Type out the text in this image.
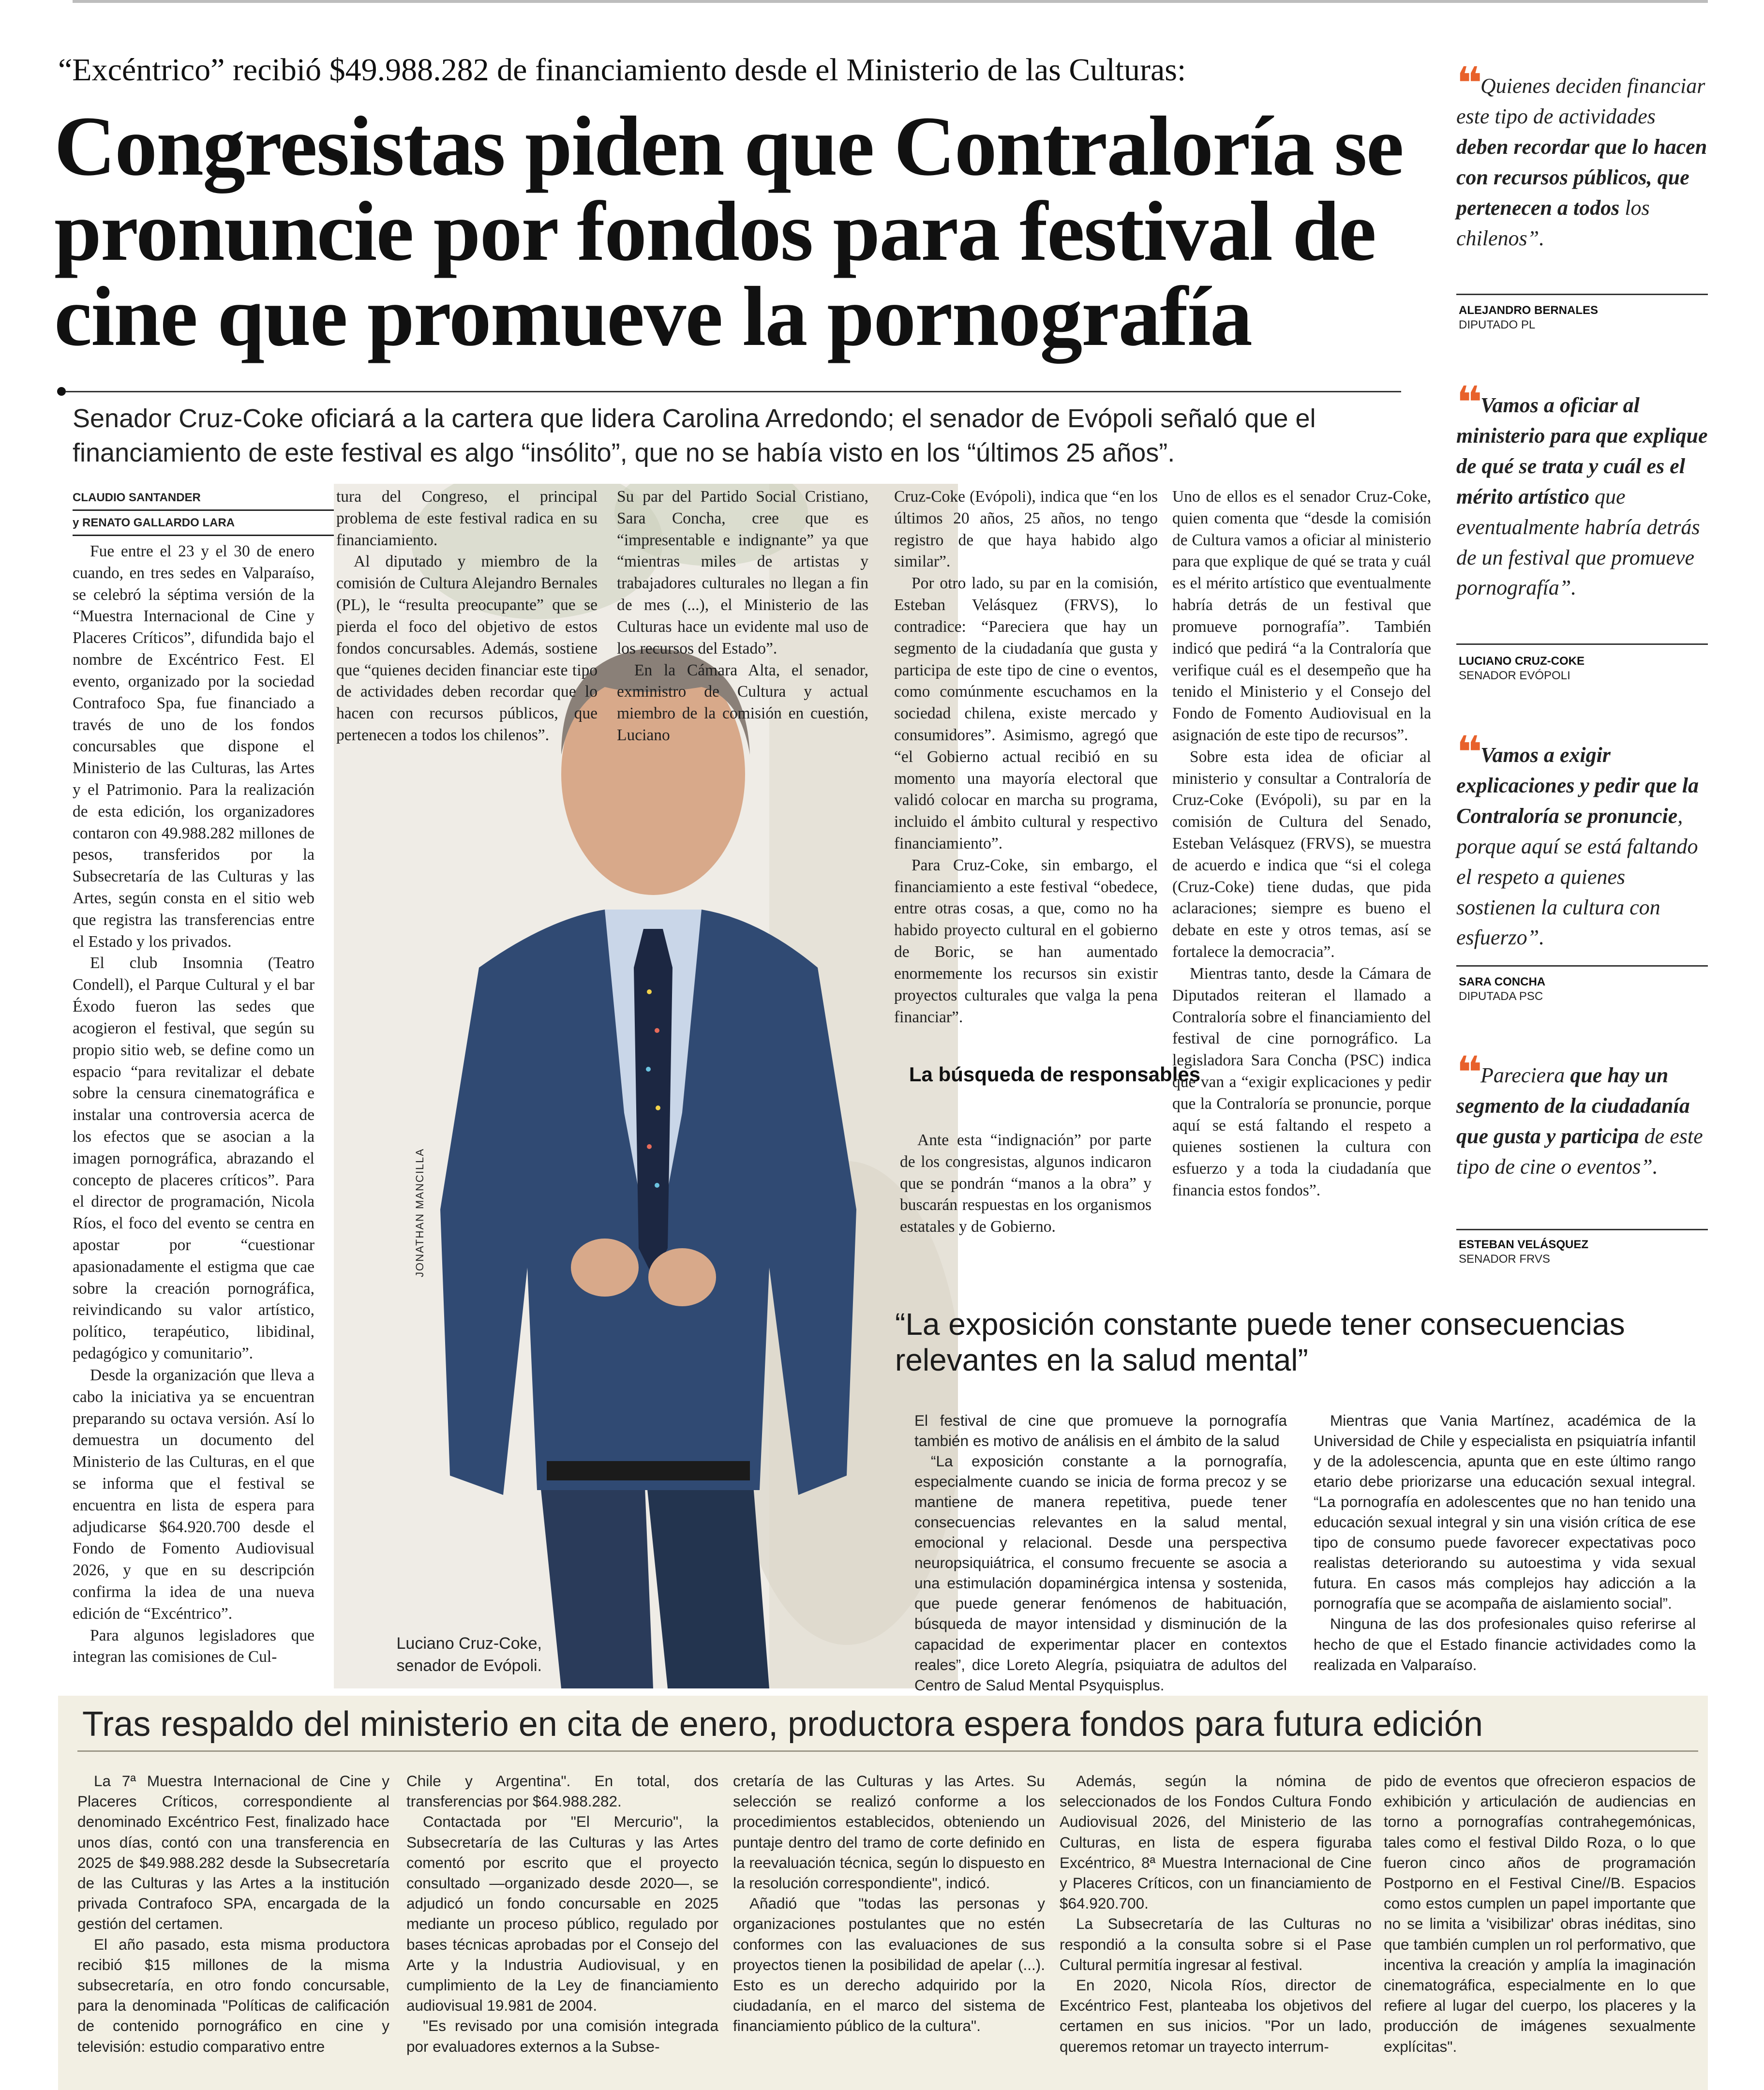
“Excéntrico” recibió $49.988.282 de financiamiento desde el Ministerio de las Culturas:
Congresistas piden que Contraloría se
pronuncie por fondos para festival de
cine que promueve la pornografía
Senador Cruz-Coke oficiará a la cartera que lidera Carolina Arredondo; el senador de Evópoli señaló que el financiamiento de este festival es algo “insólito”, que no se había visto en los “últimos 25 años”.
CLAUDIO SANTANDER
y RENATO GALLARDO LARA
JONATHAN MANCILLA
Luciano Cruz-Coke, senador de Evópoli.

Fue entre el 23 y el 30 de enero cuando, en tres sedes en Valparaíso, se celebró la séptima versión de la “Muestra Internacional de Cine y Placeres Críticos”, difundida bajo el nombre de Excéntrico Fest. El evento, organizado por la sociedad Contrafoco Spa, fue financiado a través de uno de los fondos concursables que dispone el Ministerio de las Culturas, las Artes y el Patrimonio. Para la realización de esta edición, los organizadores contaron con 49.988.282 millones de pesos, transferidos por la Subsecretaría de las Culturas y las Artes, según consta en el sitio web que registra las transferencias entre el Estado y los privados.

El club Insomnia (Teatro Condell), el Parque Cultural y el bar Éxodo fueron las sedes que acogieron el festival, que según su propio sitio web, se define como un espacio “para revitalizar el debate sobre la censura cinematográfica e instalar una controversia acerca de los efectos que se asocian a la imagen pornográfica, abrazando el concepto de placeres críticos”. Para el director de programación, Nicola Ríos, el foco del evento se centra en apostar por “cuestionar apasionadamente el estigma que cae sobre la creación pornográfica, reivindicando su valor artístico, político, terapéutico, libidinal, pedagógico y comunitario”.

Desde la organización que lleva a cabo la iniciativa ya se encuentran preparando su octava versión. Así lo demuestra un documento del Ministerio de las Culturas, en el que se informa que el festival se encuentra en lista de espera para adjudicarse $64.920.700 desde el Fondo de Fomento Audiovisual 2026, y que en su descripción confirma la idea de una nueva edición de “Excéntrico”.

Para algunos legisladores que integran las comisiones de Cul-

tura del Congreso, el principal problema de este festival radica en su financiamiento.

Al diputado y miembro de la comisión de Cultura Alejandro Bernales (PL), le “resulta preocupante” que se pierda el foco del objetivo de estos fondos concursables. Además, sostiene que “quienes deciden financiar este tipo de actividades deben recordar que lo hacen con recursos públicos, que pertenecen a todos los chilenos”.

Su par del Partido Social Cristiano, Sara Concha, cree que es “impresentable e indignante” ya que “mientras miles de artistas y trabajadores culturales no llegan a fin de mes (...), el Ministerio de las Culturas hace un evidente mal uso de los recursos del Estado”.

En la Cámara Alta, el senador, exministro de Cultura y actual miembro de la comisión en cuestión, Luciano

Cruz-Coke (Evópoli), indica que “en los últimos 20 años, 25 años, no tengo registro de que haya habido algo similar”.

Por otro lado, su par en la comisión, Esteban Velásquez (FRVS), lo contradice: “Pareciera que hay un segmento de la ciudadanía que gusta y participa de este tipo de cine o eventos, como comúnmente escuchamos en la sociedad chilena, existe mercado y consumidores”. Asimismo, agregó que “el Gobierno actual recibió en su momento una mayoría electoral que validó colocar en marcha su programa, incluido el ámbito cultural y respectivo financiamiento”.

Para Cruz-Coke, sin embargo, el financiamiento a este festival “obedece, entre otras cosas, a que, como no ha habido proyecto cultural en el gobierno de Boric, se han aumentado enormemente los recursos sin existir proyectos culturales que valga la pena financiar”.

La búsqueda de responsables

Ante esta “indignación” por parte de los congresistas, algunos indicaron que se pondrán “manos a la obra” y buscarán respuestas en los organismos estatales y de Gobierno.

Uno de ellos es el senador Cruz-Coke, quien comenta que “desde la comisión de Cultura vamos a oficiar al ministerio para que explique de qué se trata y cuál es el mérito artístico que eventualmente habría detrás de un festival que promueve pornografía”. También indicó que pedirá “a la Contraloría que verifique cuál es el desempeño que ha tenido el Ministerio y el Consejo del Fondo de Fomento Audiovisual en la asignación de este tipo de recursos”.

Sobre esta idea de oficiar al ministerio y consultar a Contraloría de Cruz-Coke (Evópoli), su par en la comisión de Cultura del Senado, Esteban Velásquez (FRVS), se muestra de acuerdo e indica que “si el colega (Cruz-Coke) tiene dudas, que pida aclaraciones; siempre es bueno el debate en este y otros temas, así se fortalece la democracia”.

Mientras tanto, desde la Cámara de Diputados reiteran el llamado a Contraloría sobre el financiamiento del festival de cine pornográfico. La legisladora Sara Concha (PSC) indica que van a “exigir explicaciones y pedir que la Contraloría se pronuncie, porque aquí se está faltando el respeto a quienes sostienen la cultura con esfuerzo y a toda la ciudadanía que financia estos fondos”.

❝ Quienes deciden financiar este tipo de actividades deben recordar que lo hacen con recursos públicos, que pertenecen a todos los chilenos”.
ALEJANDRO BERNALES
DIPUTADO PL
❝ Vamos a oficiar al ministerio para que explique de qué se trata y cuál es el mérito artístico que eventualmente habría detrás de un festival que promueve pornografía”.
LUCIANO CRUZ-COKE
SENADOR EVÓPOLI
❝ Vamos a exigir explicaciones y pedir que la Contraloría se pronuncie, porque aquí se está faltando el respeto a quienes sostienen la cultura con esfuerzo”.
SARA CONCHA
DIPUTADA PSC
❝ Pareciera que hay un segmento de la ciudadanía que gusta y participa de este tipo de cine o eventos”.
ESTEBAN VELÁSQUEZ
SENADOR FRVS
“La exposición constante puede tener consecuencias relevantes en la salud mental”

El festival de cine que promueve la pornografía también es motivo de análisis en el ámbito de la salud

“La exposición constante a la pornografía, especialmente cuando se inicia de forma precoz y se mantiene de manera repetitiva, puede tener consecuencias relevantes en la salud mental, emocional y relacional. Desde una perspectiva neuropsiquiátrica, el consumo frecuente se asocia a una estimulación dopaminérgica intensa y sostenida, que puede generar fenómenos de habituación, búsqueda de mayor intensidad y disminución de la capacidad de experimentar placer en contextos reales”, dice Loreto Alegría, psiquiatra de adultos del Centro de Salud Mental Psyquisplus.

Mientras que Vania Martínez, académica de la Universidad de Chile y especialista en psiquiatría infantil y de la adolescencia, apunta que en este último rango etario debe priorizarse una educación sexual integral. “La pornografía en adolescentes que no han tenido una educación sexual integral y sin una visión crítica de ese tipo de consumo puede favorecer expectativas poco realistas deteriorando su autoestima y vida sexual futura. En casos más complejos hay adicción a la pornografía que se acompaña de aislamiento social”.

Ninguna de las dos profesionales quiso referirse al hecho de que el Estado financie actividades como la realizada en Valparaíso.

Tras respaldo del ministerio en cita de enero, productora espera fondos para futura edición

La 7ª Muestra Internacional de Cine y Placeres Críticos, correspondiente al denominado Excéntrico Fest, finalizado hace unos días, contó con una transferencia en 2025 de $49.988.282 desde la Subsecretaría de las Culturas y las Artes a la institución privada Contrafoco SPA, encargada de la gestión del certamen.

El año pasado, esta misma productora recibió $15 millones de la misma subsecretaría, en otro fondo concursable, para la denominada "Políticas de calificación de contenido pornográfico en cine y televisión: estudio comparativo entre

Chile y Argentina". En total, dos transferencias por $64.988.282.

Contactada por "El Mercurio", la Subsecretaría de las Culturas y las Artes comentó por escrito que el proyecto consultado —organizado desde 2020—, se adjudicó un fondo concursable en 2025 mediante un proceso público, regulado por bases técnicas aprobadas por el Consejo del Arte y la Industria Audiovisual, y en cumplimiento de la Ley de financiamiento audiovisual 19.981 de 2004.

"Es revisado por una comisión integrada por evaluadores externos a la Subse-

cretaría de las Culturas y las Artes. Su selección se realizó conforme a los procedimientos establecidos, obteniendo un puntaje dentro del tramo de corte definido en la reevaluación técnica, según lo dispuesto en la resolución correspondiente", indicó.

Añadió que "todas las personas y organizaciones postulantes que no estén conformes con las evaluaciones de sus proyectos tienen la posibilidad de apelar (...). Esto es un derecho adquirido por la ciudadanía, en el marco del sistema de financiamiento público de la cultura".

Además, según la nómina de seleccionados de los Fondos Cultura Fondo Audiovisual 2026, del Ministerio de las Culturas, en lista de espera figuraba Excéntrico, 8ª Muestra Internacional de Cine y Placeres Críticos, con un financiamiento de $64.920.700.

La Subsecretaría de las Culturas no respondió a la consulta sobre si el Pase Cultural permitía ingresar al festival.

En 2020, Nicola Ríos, director de Excéntrico Fest, planteaba los objetivos del certamen en sus inicios. "Por un lado, queremos retomar un trayecto interrum-

pido de eventos que ofrecieron espacios de exhibición y articulación de audiencias en torno a pornografías contrahegemónicas, tales como el festival Dildo Roza, o lo que fueron cinco años de programación Postporno en el Festival Cine//B. Espacios como estos cumplen un papel importante que no se limita a 'visibilizar' obras inéditas, sino que también cumplen un rol performativo, que incentiva la creación y amplía la imaginación cinematográfica, especialmente en lo que refiere al lugar del cuerpo, los placeres y la producción de imágenes sexualmente explícitas".
